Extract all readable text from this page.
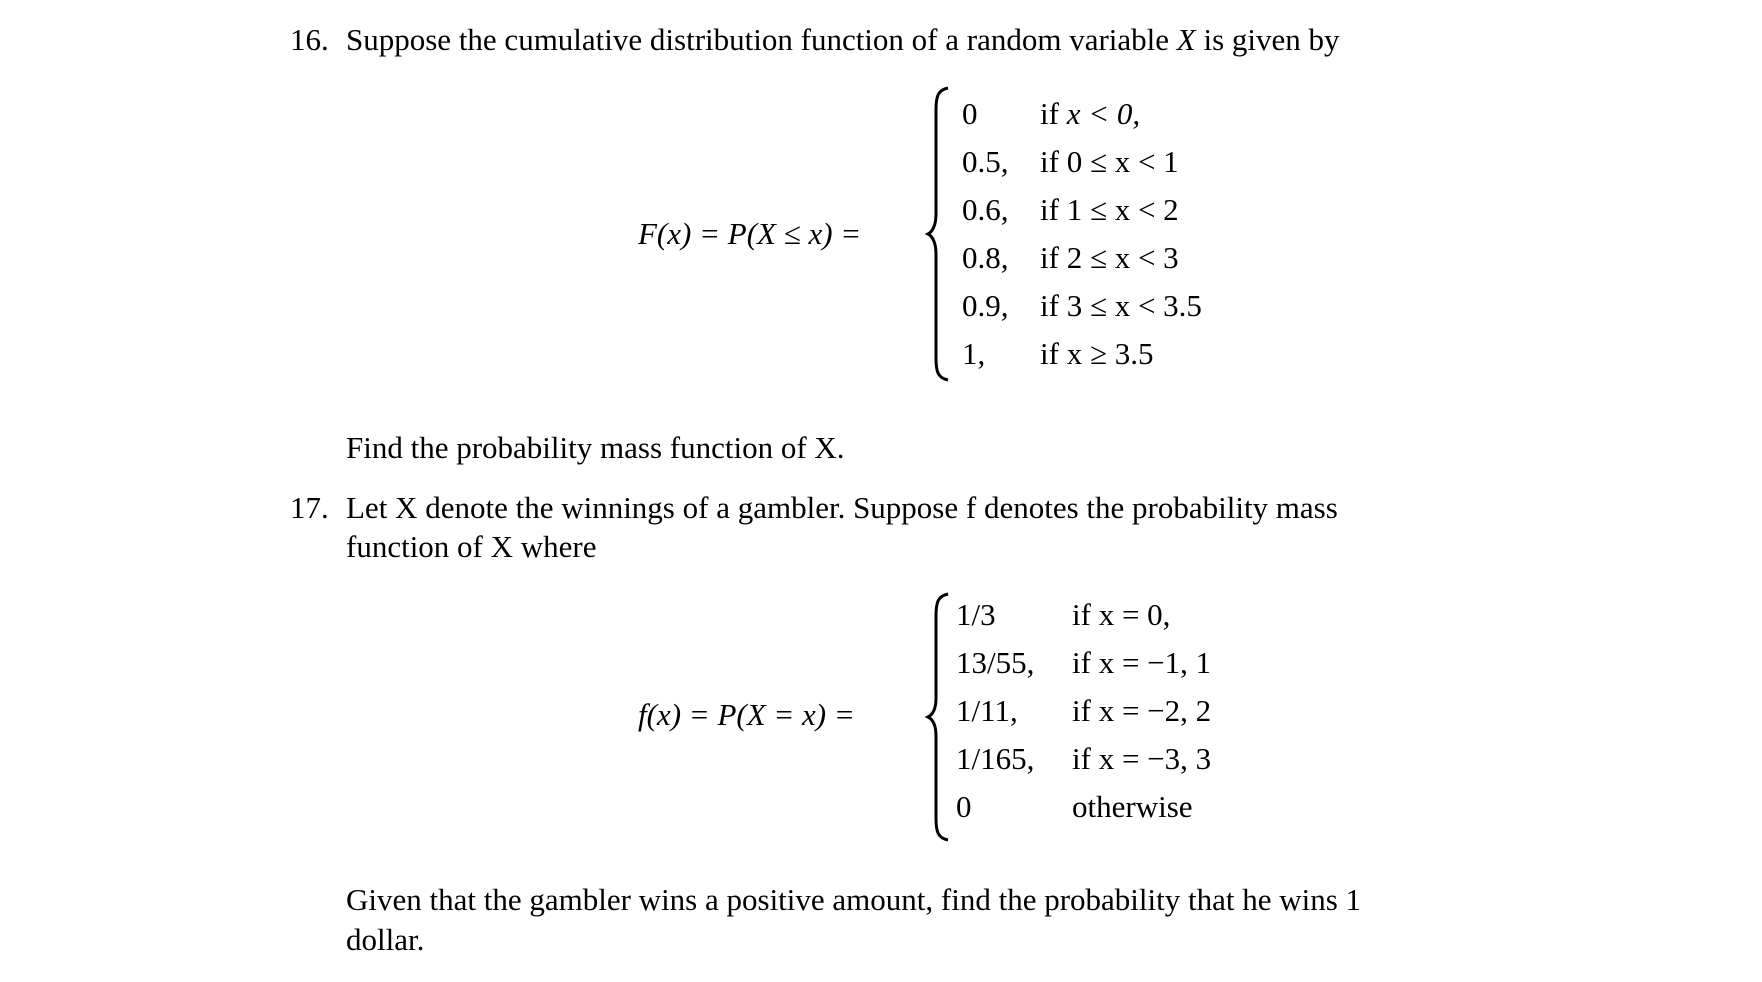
16. Suppose the cumulative distribution function of a random variable X is given by
F(x) = P(X ≤ x) =
0 if x < 0,
0.5, if 0 ≤ x < 1
0.6, if 1 ≤ x < 2
0.8, if 2 ≤ x < 3
0.9, if 3 ≤ x < 3.5
1, if x ≥ 3.5
Find the probability mass function of X.
17. Let X denote the winnings of a gambler. Suppose f denotes the probability mass
function of X where
f(x) = P(X = x) =
1/3 if x = 0,
13/55, if x = −1, 1
1/11, if x = −2, 2
1/165, if x = −3, 3
0	otherwise
Given that the gambler wins a positive amount, find the probability that he wins 1
dollar.
